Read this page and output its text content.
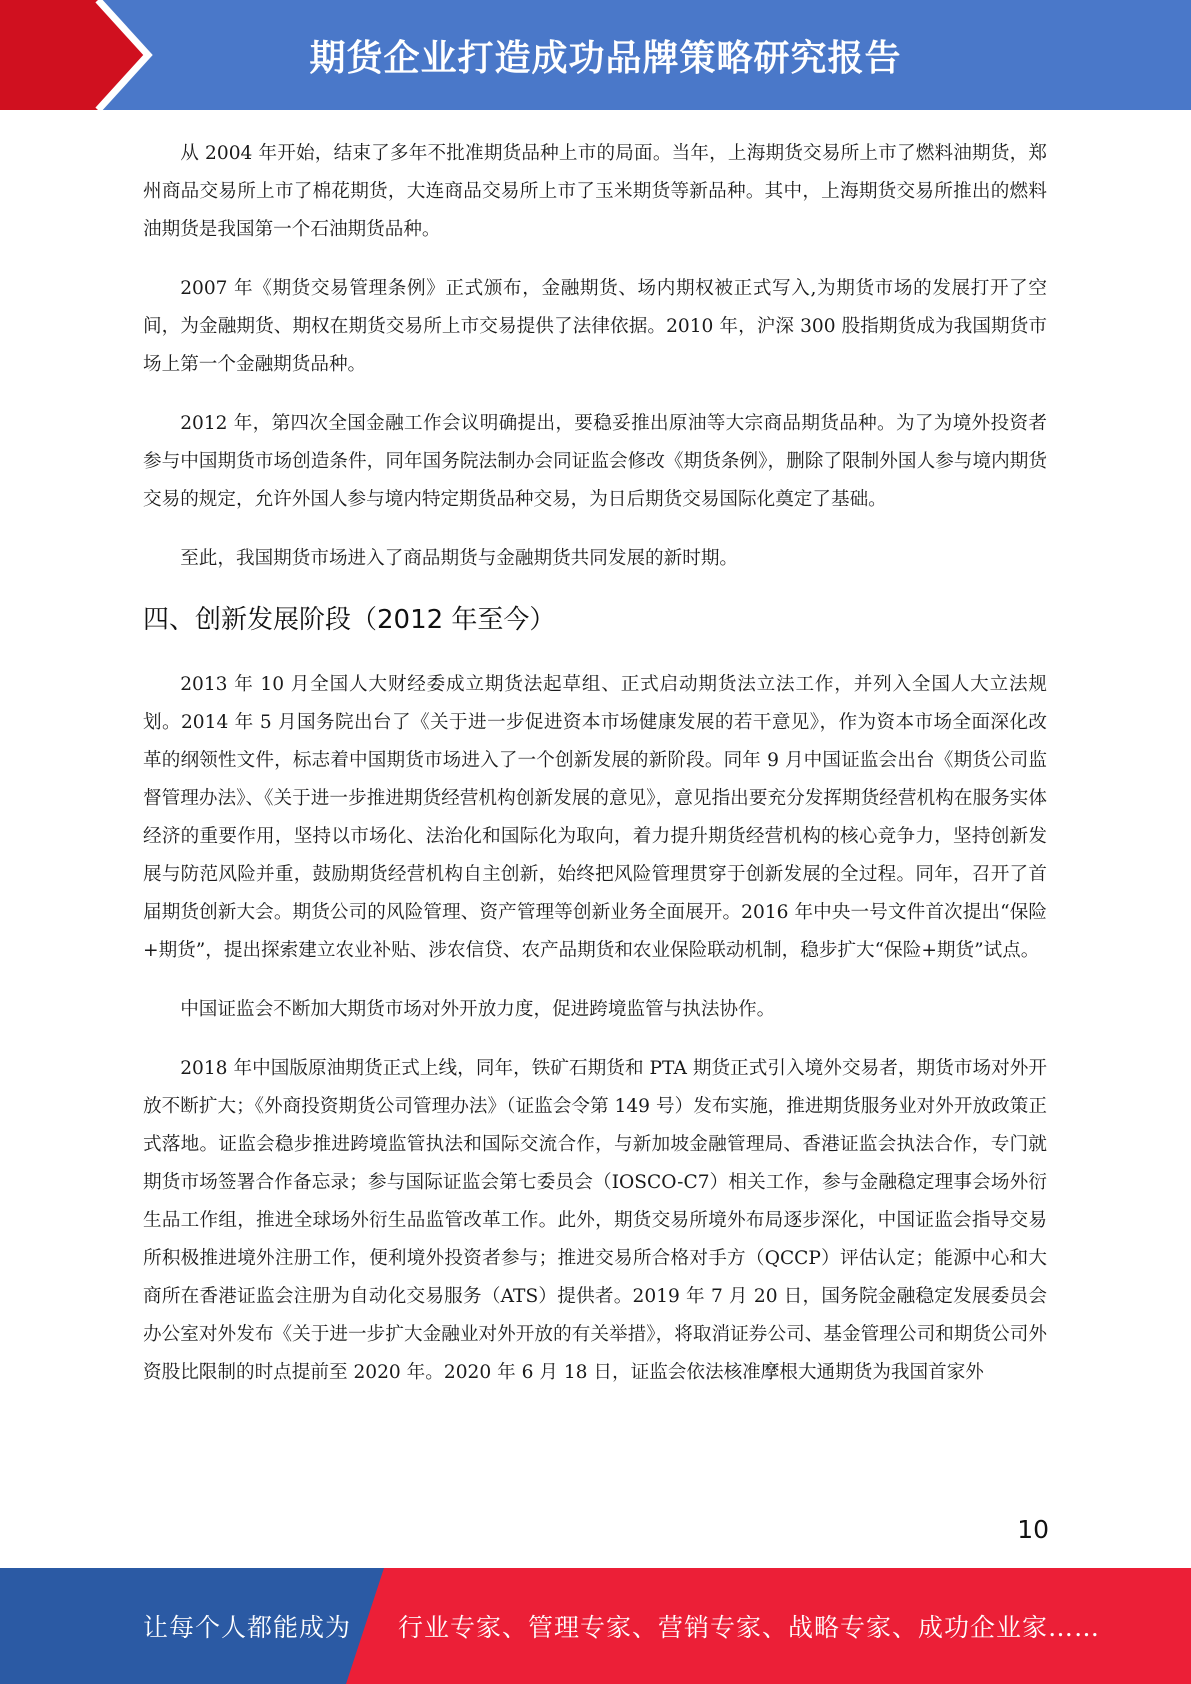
期货企业打造成功品牌策略研究报告

从 2004 年开始，结束了多年不批准期货品种上市的局面。当年，上海期货交易所上市了燃料油期货，郑州商品交易所上市了棉花期货，大连商品交易所上市了玉米期货等新品种。其中，上海期货交易所推出的燃料油期货是我国第一个石油期货品种。

2007 年《期货交易管理条例》正式颁布，金融期货、场内期权被正式写入,为期货市场的发展打开了空间，为金融期货、期权在期货交易所上市交易提供了法律依据。2010 年，沪深 300 股指期货成为我国期货市场上第一个金融期货品种。

2012 年，第四次全国金融工作会议明确提出，要稳妥推出原油等大宗商品期货品种。为了为境外投资者参与中国期货市场创造条件，同年国务院法制办会同证监会修改《期货条例》，删除了限制外国人参与境内期货交易的规定，允许外国人参与境内特定期货品种交易，为日后期货交易国际化奠定了基础。

至此，我国期货市场进入了商品期货与金融期货共同发展的新时期。

四、创新发展阶段（2012 年至今）

2013 年 10 月全国人大财经委成立期货法起草组、正式启动期货法立法工作，并列入全国人大立法规划。2014 年 5 月国务院出台了《关于进一步促进资本市场健康发展的若干意见》，作为资本市场全面深化改革的纲领性文件，标志着中国期货市场进入了一个创新发展的新阶段。同年 9 月中国证监会出台《期货公司监督管理办法》、《关于进一步推进期货经营机构创新发展的意见》，意见指出要充分发挥期货经营机构在服务实体经济的重要作用，坚持以市场化、法治化和国际化为取向，着力提升期货经营机构的核心竞争力，坚持创新发展与防范风险并重，鼓励期货经营机构自主创新，始终把风险管理贯穿于创新发展的全过程。同年，召开了首届期货创新大会。期货公司的风险管理、资产管理等创新业务全面展开。2016 年中央一号文件首次提出“保险+期货”，提出探索建立农业补贴、涉农信贷、农产品期货和农业保险联动机制，稳步扩大“保险+期货”试点。

中国证监会不断加大期货市场对外开放力度，促进跨境监管与执法协作。

2018 年中国版原油期货正式上线，同年，铁矿石期货和 PTA 期货正式引入境外交易者，期货市场对外开放不断扩大；《外商投资期货公司管理办法》（证监会令第 149 号）发布实施，推进期货服务业对外开放政策正式落地。证监会稳步推进跨境监管执法和国际交流合作，与新加坡金融管理局、香港证监会执法合作，专门就期货市场签署合作备忘录；参与国际证监会第七委员会（IOSCO-C7）相关工作，参与金融稳定理事会场外衍生品工作组，推进全球场外衍生品监管改革工作。此外，期货交易所境外布局逐步深化，中国证监会指导交易所积极推进境外注册工作，便利境外投资者参与；推进交易所合格对手方（QCCP）评估认定；能源中心和大商所在香港证监会注册为自动化交易服务（ATS）提供者。2019 年 7 月 20 日，国务院金融稳定发展委员会办公室对外发布《关于进一步扩大金融业对外开放的有关举措》，将取消证券公司、基金管理公司和期货公司外资股比限制的时点提前至 2020 年。2020 年 6 月 18 日，证监会依法核准摩根大通期货为我国首家外

10
让每个人都能成为 行业专家、管理专家、营销专家、战略专家、成功企业家……
